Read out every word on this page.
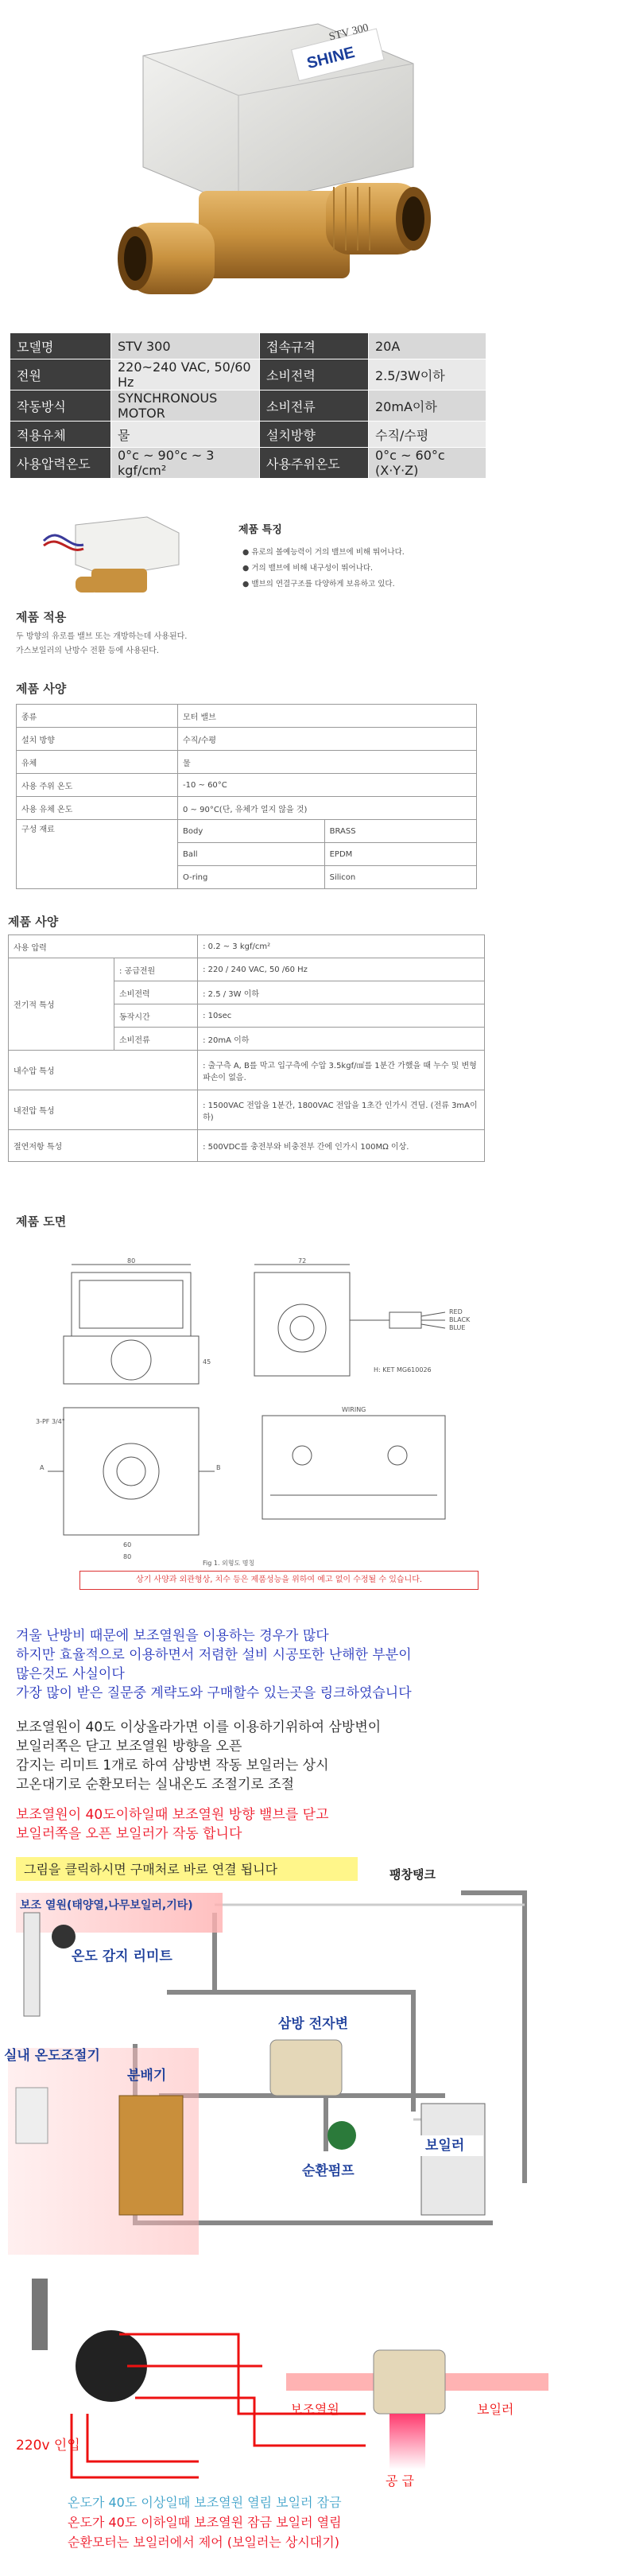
SHINE
STV 300
모델명	STV 300	접속규격	20A
전원	220~240 VAC, 50/60 Hz	소비전력	2.5/3W이하
작동방식	SYNCHRONOUS MOTOR	소비전류	20mA이하
적용유체	물	설치방향	수직/수평
사용압력온도	0°c ~ 90°c ~ 3 kgf/cm²	사용주위온도	0°c ~ 60°c (X·Y·Z)
제품 특징
● 유로의 볼예능력이 거의 밸브에 비해 뛰어나다.
● 거의 밸브에 비해 내구성이 뛰어나다.
● 밸브의 연결구조를 다양하게 보유하고 있다.
제품 적용
두 방향의 유로를 밸브 또는 개방하는데 사용된다.
가스보일러의 난방수 전환 등에 사용된다.
제품 사양
종류	모터 밸브	
설치 방향	수직/수평	
유체	물	
사용 주위 온도	-10 ~ 60°C	
사용 유체 온도	0 ~ 90°C(단, 유체가 얼지 않을 것)	
구성 재료	Body	BRASS
	Ball	EPDM
	O-ring	Silicon
제품 사양
사용 압력		: 0.2 ~ 3 kgf/cm²
전기적 특성	: 공급전원	: 220 / 240 VAC, 50 /60 Hz
	소비전력	: 2.5 / 3W 이하
	동작시간	: 10sec
	소비전류	: 20mA 이하
내수압 특성		: 출구측 A, B를 막고 입구측에 수압 3.5kgf/㎠를 1분간 가했을 때 누수 및 변형 파손이 없음.
내전압 특성		: 1500VAC 전압을 1분간, 1800VAC 전압을 1초간 인가시 견딤. (전류 3mA이하)
절연저항 특성		: 500VDC를 충전부와 비충전부 간에 인가시 100MΩ 이상.
제품 도면
80	72
45
60
80
3-PF 3/4"
A	B
WIRING
H: KET MG610026
RED
BLACK
BLUE
Fig 1. 외형도 명칭
상기 사양과 외관형상, 치수 등은 제품성능을 위하여 예고 없이 수정될 수 있습니다.
겨울 난방비 때문에 보조열원을 이용하는 경우가 많다
하지만 효율적으로 이용하면서 저렴한 설비 시공또한 난해한 부분이
많은것도 사실이다
가장 많이 받은 질문중 계략도와 구매할수 있는곳을 링크하였습니다
보조열원이 40도 이상올라가면 이를 이용하기위하여 삼방변이
보일러쪽은 닫고 보조열원 방향을 오픈
감지는 리미트 1개로 하여 삼방변 작동 보일러는 상시
고온대기로 순환모터는 실내온도 조절기로 조절
보조열원이 40도이하일때 보조열원 방향 밸브를 닫고
보일러쪽을 오픈 보일러가 작동 합니다
그림을 클릭하시면 구매처로 바로 연결 됩니다	팽창탱크
보조 열원(태양열,나무보일러,기타)
온도 감지 리미트
삼방 전자변
실내 온도조절기
분배기
보일러
순환펌프
220v 인입
보조열원	보일러
공 급
온도가 40도 이상일때 보조열원 열림 보일러 잠금
온도가 40도 이하일때 보조열원 잠금 보일러 열림
순환모터는 보일러에서 제어 (보일러는 상시대기)
